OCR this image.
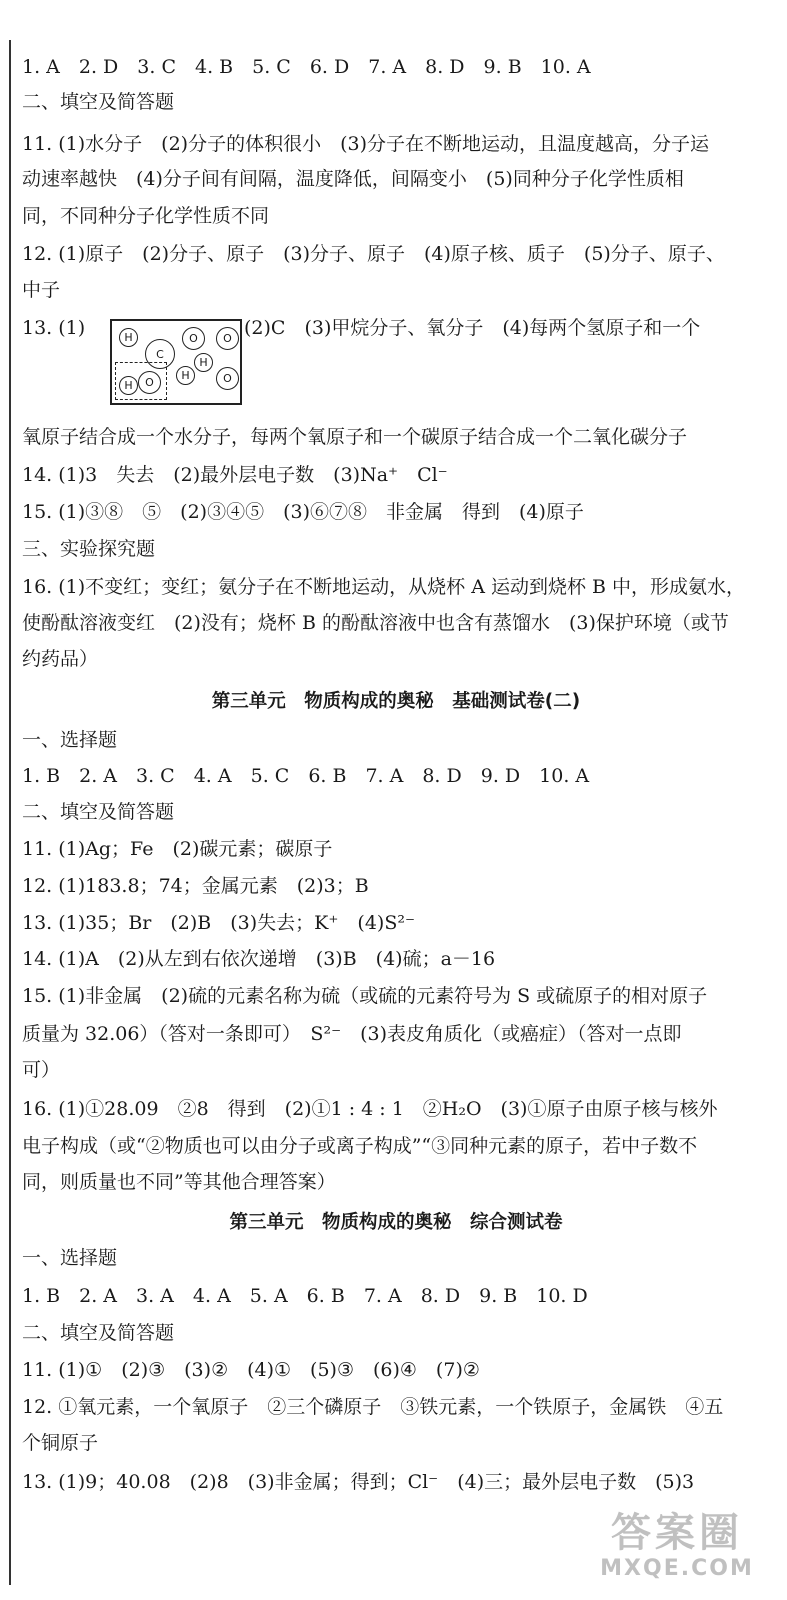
1. A　2. D　3. C　4. B　5. C　6. D　7. A　8. D　9. B　10. A
二、填空及简答题
11. (1)水分子　(2)分子的体积很小　(3)分子在不断地运动，且温度越高，分子运
动速率越快　(4)分子间有间隔，温度降低，间隔变小　(5)同种分子化学性质相
同，不同种分子化学性质不同
12. (1)原子　(2)分子、原子　(3)分子、原子　(4)原子核、质子　(5)分子、原子、
中子
13. (1)	(2)C　(3)甲烷分子、氧分子　(4)每两个氢原子和一个
H
C
O	O
H
H	O
H	O
氧原子结合成一个水分子，每两个氧原子和一个碳原子结合成一个二氧化碳分子
14. (1)3　失去　(2)最外层电子数　(3)Na⁺　Cl⁻
15. (1)③⑧　⑤　(2)③④⑤　(3)⑥⑦⑧　非金属　得到　(4)原子
三、实验探究题
16. (1)不变红；变红；氨分子在不断地运动，从烧杯 A 运动到烧杯 B 中，形成氨水，
使酚酞溶液变红　(2)没有；烧杯 B 的酚酞溶液中也含有蒸馏水　(3)保护环境（或节
约药品）
第三单元　物质构成的奥秘　基础测试卷(二)
一、选择题
1. B　2. A　3. C　4. A　5. C　6. B　7. A　8. D　9. D　10. A
二、填空及简答题
11. (1)Ag；Fe　(2)碳元素；碳原子
12. (1)183.8；74；金属元素　(2)3；B
13. (1)35；Br　(2)B　(3)失去；K⁺　(4)S²⁻
14. (1)A　(2)从左到右依次递增　(3)B　(4)硫；a－16
15. (1)非金属　(2)硫的元素名称为硫（或硫的元素符号为 S 或硫原子的相对原子
质量为 32.06）（答对一条即可）　S²⁻　(3)表皮角质化（或癌症）（答对一点即
可）
16. (1)①28.09　②8　得到　(2)①1 : 4 : 1　②H₂O　(3)①原子由原子核与核外
电子构成（或“②物质也可以由分子或离子构成”“③同种元素的原子，若中子数不
同，则质量也不同”等其他合理答案）
第三单元　物质构成的奥秘　综合测试卷
一、选择题
1. B　2. A　3. A　4. A　5. A　6. B　7. A　8. D　9. B　10. D
二、填空及简答题
11. (1)①　(2)③　(3)②　(4)①　(5)③　(6)④　(7)②
12. ①氧元素，一个氧原子　②三个磷原子　③铁元素，一个铁原子，金属铁　④五
个铜原子
13. (1)9；40.08　(2)8　(3)非金属；得到；Cl⁻　(4)三；最外层电子数　(5)3
答案圈
MXQE.COM
